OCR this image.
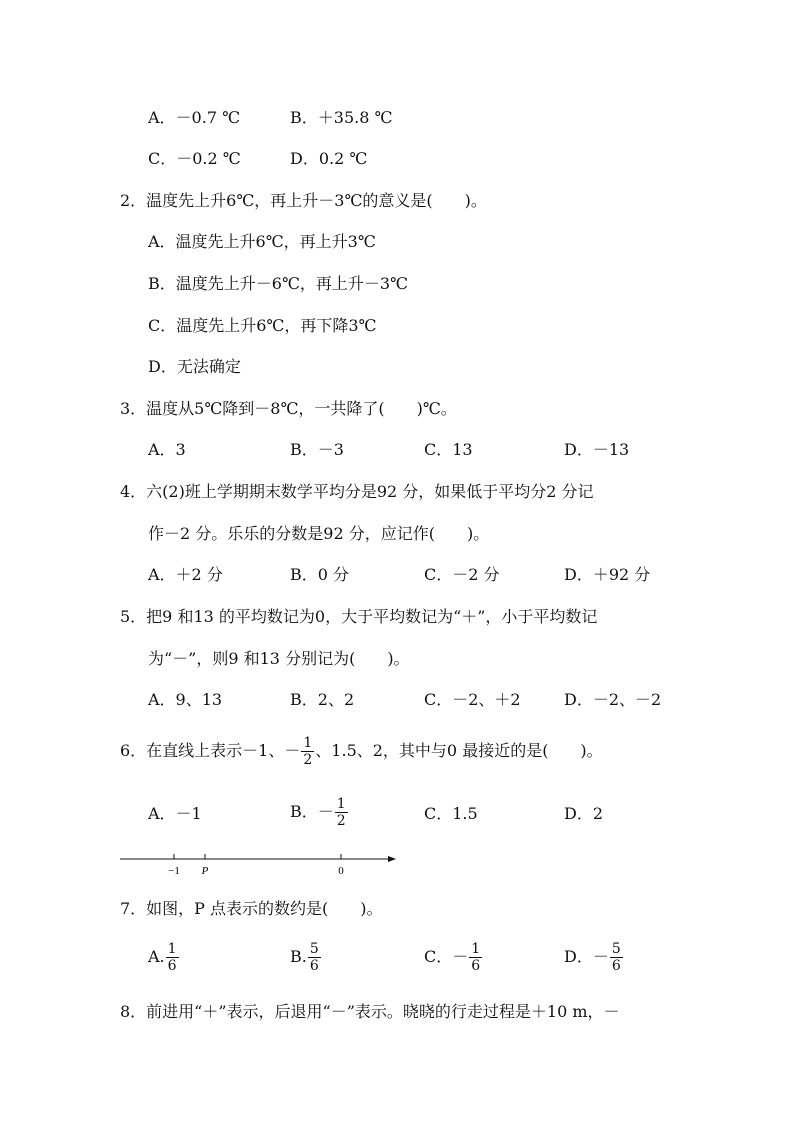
A．－0.7 ℃	B．＋35.8 ℃
C．－0.2 ℃	D．0.2 ℃
2．温度先上升6℃，再上升－3℃的意义是(　　)。
A．温度先上升6℃，再上升3℃
B．温度先上升－6℃，再上升－3℃
C．温度先上升6℃，再下降3℃
D．无法确定
3．温度从5℃降到－8℃，一共降了(　　)℃。
A．3	B．－3	C．13	D．－13
4．六(2)班上学期期末数学平均分是92 分，如果低于平均分2 分记
作－2 分。乐乐的分数是92 分，应记作(　　)。
A．＋2 分	B．0 分	C．－2 分	D．＋92 分
5．把9 和13 的平均数记为0，大于平均数记为“＋”，小于平均数记
为“－”，则9 和13 分别记为(　　)。
A．9、13	B．2、2	C．－2、＋2	D．－2、－2
6．在直线上表示－1、－ $\frac{1}{2}$ 、1.5、2，其中与0 最接近的是(　　)。
A．－1	B．－ $\frac{1}{2}$	C．1.5	D．2
−1 P	0
7．如图，P 点表示的数约是(　　)。
A. $\frac{1}{6}$	B. $\frac{5}{6}$	C．－ $\frac{1}{6}$	D．－ $\frac{5}{6}$
8．前进用“＋”表示，后退用“－”表示。晓晓的行走过程是＋10 m，－
